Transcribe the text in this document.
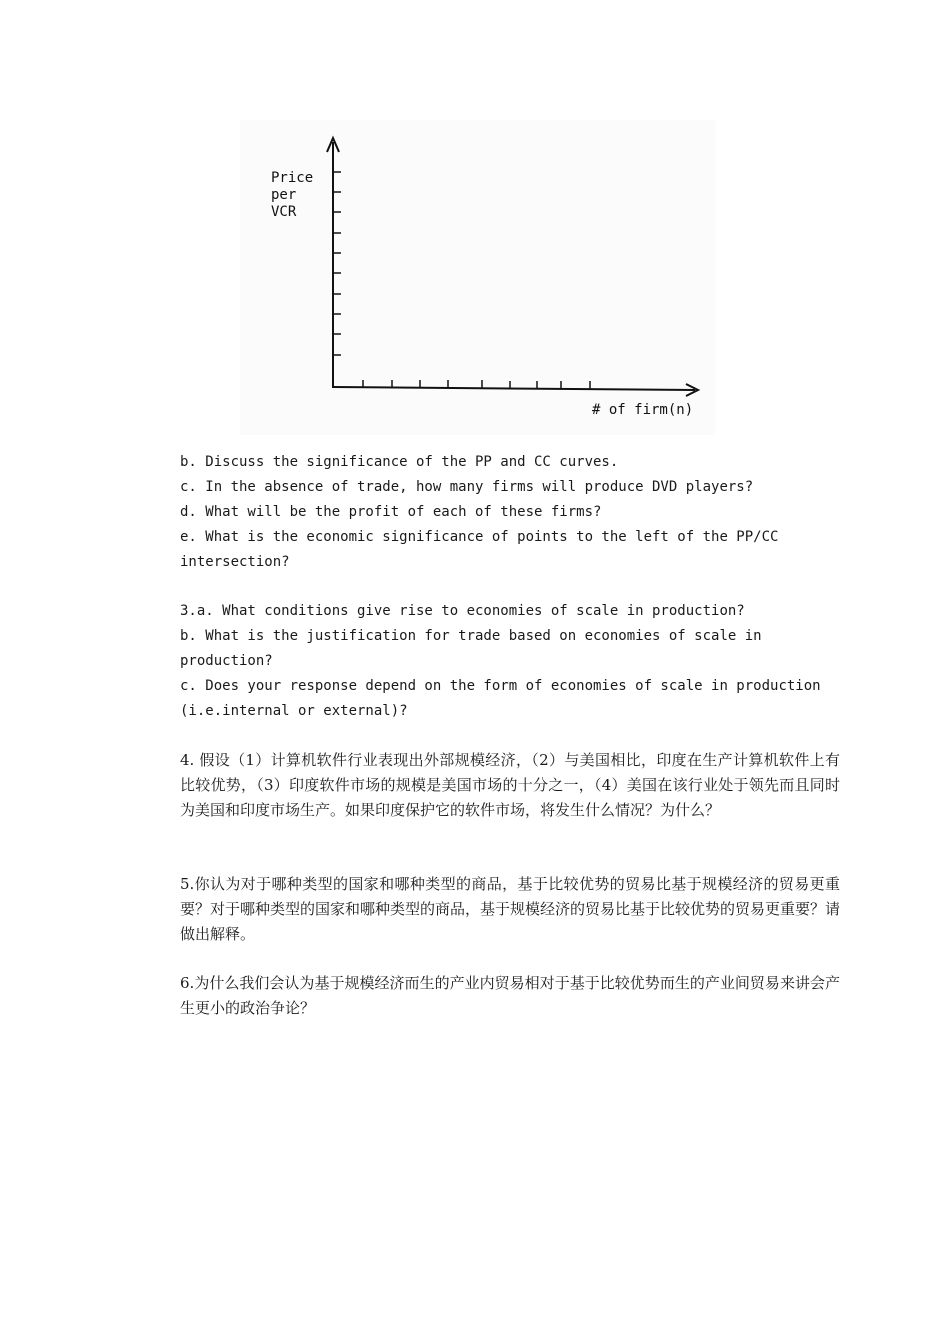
Price
per
VCR
# of firm(n)

b. Discuss the significance of the PP and CC curves.

c. In the absence of trade, how many firms will produce DVD players?

d. What will be the profit of each of these firms?

e. What is the economic significance of points to the left of the PP/CC intersection?

3.a. What conditions give rise to economies of scale in production?

b. What is the justification for trade based on economies of scale in production?

c. Does your response depend on the form of economies of scale in production (i.e.internal or external)?

4. 假设（1）计算机软件行业表现出外部规模经济，（2）与美国相比，印度在生产计算机软件上有比较优势，（3）印度软件市场的规模是美国市场的十分之一，（4）美国在该行业处于领先而且同时为美国和印度市场生产。如果印度保护它的软件市场，将发生什么情况？为什么？

5.你认为对于哪种类型的国家和哪种类型的商品，基于比较优势的贸易比基于规模经济的贸易更重要？对于哪种类型的国家和哪种类型的商品，基于规模经济的贸易比基于比较优势的贸易更重要？请做出解释。

6.为什么我们会认为基于规模经济而生的产业内贸易相对于基于比较优势而生的产业间贸易来讲会产生更小的政治争论？
